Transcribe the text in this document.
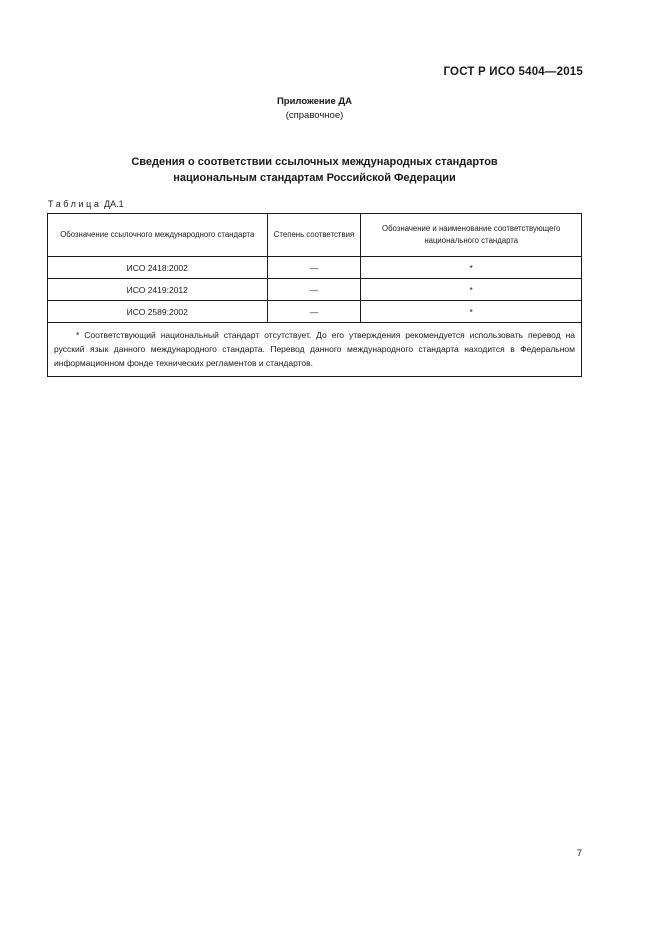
ГОСТ Р ИСО 5404—2015
Приложение ДА
(справочное)
Сведения о соответствии ссылочных международных стандартов
национальным стандартам Российской Федерации
Таблица ДА.1
Обозначение ссылочного международного стандарта	Степень соответствия	Обозначение и наименование соответствующего национального стандарта
ИСО 2418:2002	—	*
ИСО 2419:2012	—	*
ИСО 2589:2002	—	*

* Соответствующий национальный стандарт отсутствует. До его утверждения рекомендуется использовать перевод на русский язык данного международного стандарта. Перевод данного международного стандарта находится в Федеральном информационном фонде технических регламентов и стандартов.		
7
